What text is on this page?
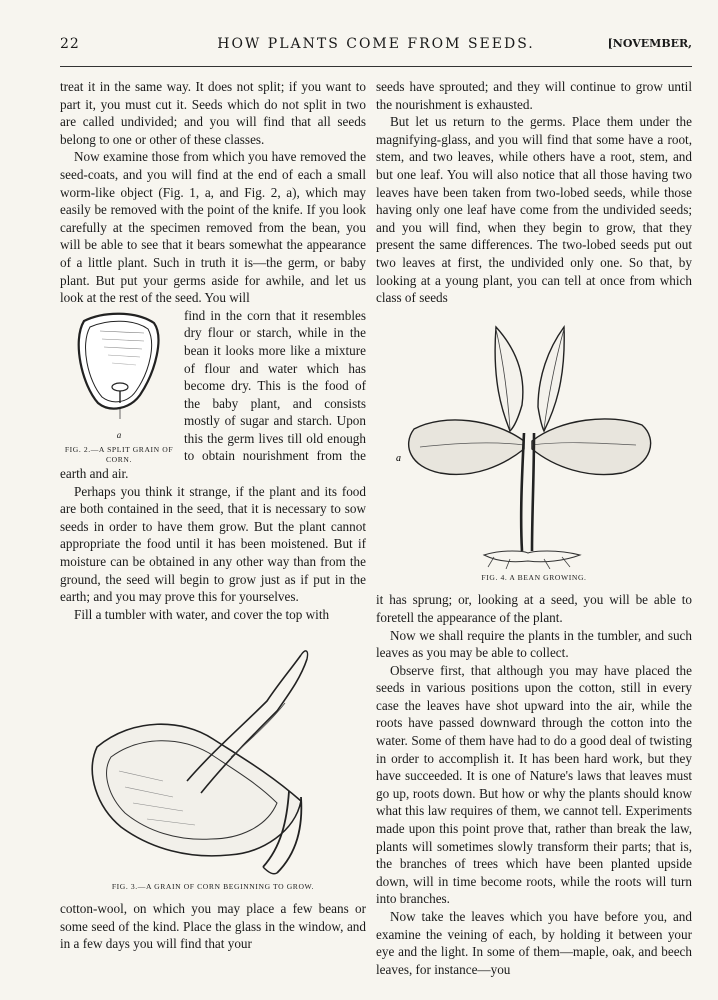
22	HOW PLANTS COME FROM SEEDS.	[NOVEMBER,

treat it in the same way. It does not split; if you want to part it, you must cut it. Seeds which do not split in two are called undivided; and you will find that all seeds belong to one or other of these classes.

Now examine those from which you have removed the seed-coats, and you will find at the end of each a small worm-like object (Fig. 1, a, and Fig. 2, a), which may easily be removed with the point of the knife. If you look carefully at the specimen removed from the bean, you will be able to see that it bears somewhat the appearance of a little plant. Such in truth it is—the germ, or baby plant. But put your germs aside for awhile, and let us look at the rest of the seed. You will

a
FIG. 2.—A SPLIT GRAIN OF CORN.

find in the corn that it resembles dry flour or starch, while in the bean it looks more like a mixture of flour and water which has become dry. This is the food of the baby plant, and consists mostly of sugar and starch. Upon this the germ lives till old enough to obtain nourishment from the earth and air.

Perhaps you think it strange, if the plant and its food are both contained in the seed, that it is necessary to sow seeds in order to have them grow. But the plant cannot appropriate the food until it has been moistened. But if moisture can be obtained in any other way than from the ground, the seed will begin to grow just as if put in the earth; and you may prove this for yourselves.

Fill a tumbler with water, and cover the top with

FIG. 3.—A GRAIN OF CORN BEGINNING TO GROW.

cotton-wool, on which you may place a few beans or some seed of the kind. Place the glass in the window, and in a few days you will find that your

seeds have sprouted; and they will continue to grow until the nourishment is exhausted.

But let us return to the germs. Place them under the magnifying-glass, and you will find that some have a root, stem, and two leaves, while others have a root, stem, and but one leaf. You will also notice that all those having two leaves have been taken from two-lobed seeds, while those having only one leaf have come from the undivided seeds; and you will find, when they begin to grow, that they present the same differences. The two-lobed seeds put out two leaves at first, the undivided only one. So that, by looking at a young plant, you can tell at once from which class of seeds

a
FIG. 4. A BEAN GROWING.

it has sprung; or, looking at a seed, you will be able to foretell the appearance of the plant.

Now we shall require the plants in the tumbler, and such leaves as you may be able to collect.

Observe first, that although you may have placed the seeds in various positions upon the cotton, still in every case the leaves have shot upward into the air, while the roots have passed downward through the cotton into the water. Some of them have had to do a good deal of twisting in order to accomplish it. It has been hard work, but they have succeeded. It is one of Nature's laws that leaves must go up, roots down. But how or why the plants should know what this law requires of them, we cannot tell. Experiments made upon this point prove that, rather than break the law, plants will sometimes slowly transform their parts; that is, the branches of trees which have been planted upside down, will in time become roots, while the roots will turn into branches.

Now take the leaves which you have before you, and examine the veining of each, by holding it between your eye and the light. In some of them—maple, oak, and beech leaves, for instance—you
